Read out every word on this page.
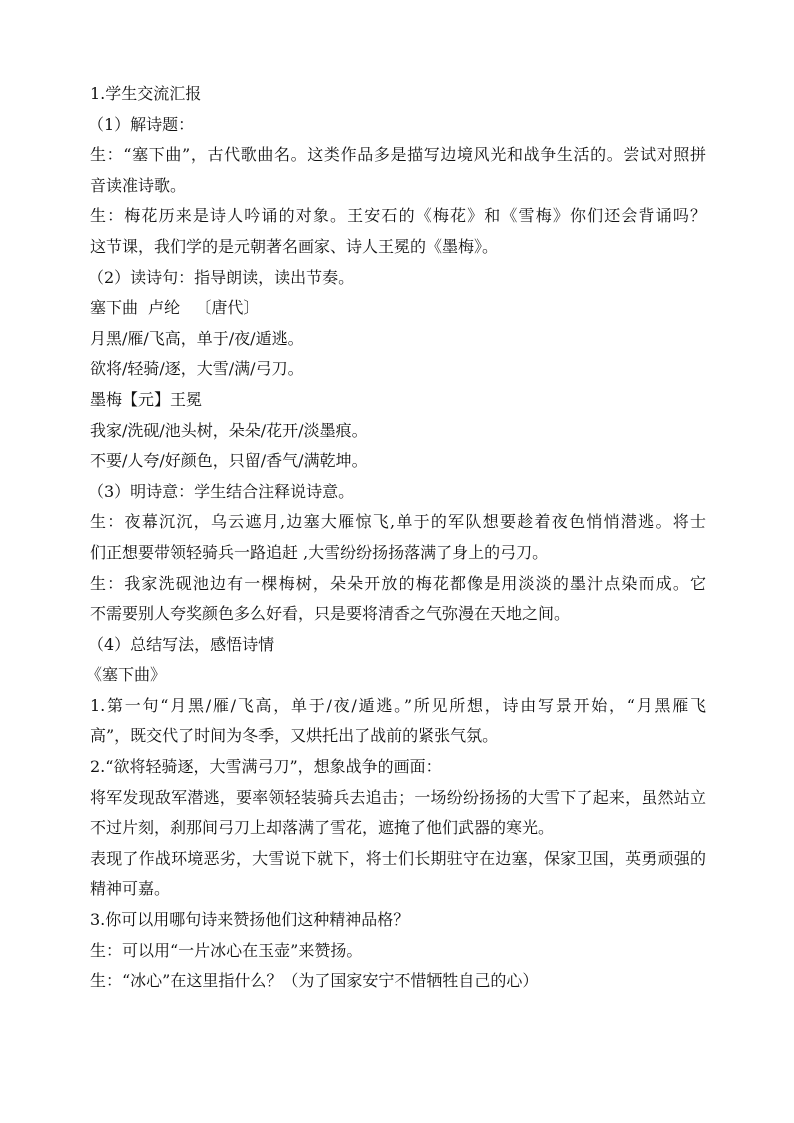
1.学生交流汇报
（1）解诗题：
生：“塞下曲”，古代歌曲名。这类作品多是描写边境风光和战争生活的。尝试对照拼
音读准诗歌。
生：梅花历来是诗人吟诵的对象。王安石的《梅花》和《雪梅》你们还会背诵吗？
这节课，我们学的是元朝著名画家、诗人王冕的《墨梅》。
（2）读诗句：指导朗读，读出节奏。
塞下曲  卢纶   〔唐代〕
月黑/雁/飞高，单于/夜/遁逃。
欲将/轻骑/逐，大雪/满/弓刀。
墨梅【元】王冕
我家/洗砚/池头树，朵朵/花开/淡墨痕。
不要/人夸/好颜色，只留/香气/满乾坤。
（3）明诗意：学生结合注释说诗意。
生：夜幕沉沉，乌云遮月,边塞大雁惊飞,单于的军队想要趁着夜色悄悄潜逃。将士
们正想要带领轻骑兵一路追赶 ,大雪纷纷扬扬落满了身上的弓刀。
生：我家洗砚池边有一棵梅树，朵朵开放的梅花都像是用淡淡的墨汁点染而成。它
不需要别人夸奖颜色多么好看，只是要将清香之气弥漫在天地之间。
（4）总结写法，感悟诗情
《塞下曲》
1.第一句“月黑/雁/飞高，单于/夜/遁逃。”所见所想，诗由写景开始，“月黑雁飞
高”，既交代了时间为冬季，又烘托出了战前的紧张气氛。
2.“欲将轻骑逐，大雪满弓刀”，想象战争的画面：
将军发现敌军潜逃，要率领轻装骑兵去追击；一场纷纷扬扬的大雪下了起来，虽然站立
不过片刻，刹那间弓刀上却落满了雪花，遮掩了他们武器的寒光。
表现了作战环境恶劣，大雪说下就下，将士们长期驻守在边塞，保家卫国，英勇顽强的
精神可嘉。
3.你可以用哪句诗来赞扬他们这种精神品格？
生：可以用“一片冰心在玉壶”来赞扬。
生：“冰心”在这里指什么？（为了国家安宁不惜牺牲自己的心）
